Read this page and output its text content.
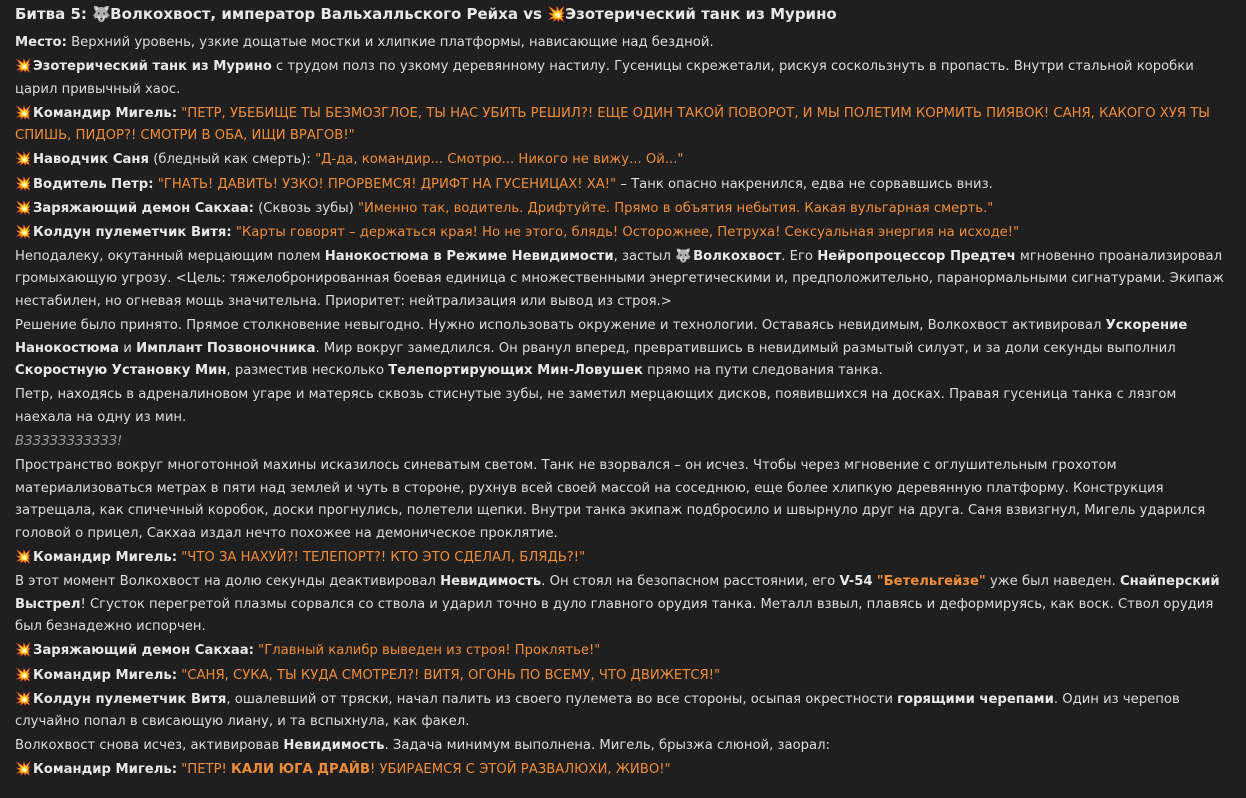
Битва 5: 🐺Волкохвост, император Вальхалльского Рейха vs 💥Эзотерический танк из Мурино

Место: Верхний уровень, узкие дощатые мостки и хлипкие платформы, нависающие над бездной.

💥 Эзотерический танк из Мурино с трудом полз по узкому деревянному настилу. Гусеницы скрежетали, рискуя соскользнуть в пропасть. Внутри стальной коробки царил привычный хаос.

💥 Командир Мигель: "ПЕТР, УБЕБИЩЕ ТЫ БЕЗМОЗГЛОЕ, ТЫ НАС УБИТЬ РЕШИЛ?! ЕЩЕ ОДИН ТАКОЙ ПОВОРОТ, И МЫ ПОЛЕТИМ КОРМИТЬ ПИЯВОК! САНЯ, КАКОГО ХУЯ ТЫ СПИШЬ, ПИДОР?! СМОТРИ В ОБА, ИЩИ ВРАГОВ!"

💥 Наводчик Саня (бледный как смерть): "Д-да, командир... Смотрю... Никого не вижу... Ой..."

💥 Водитель Петр: "ГНАТЬ! ДАВИТЬ! УЗКО! ПРОРВЕМСЯ! ДРИФТ НА ГУСЕНИЦАХ! ХА!" – Танк опасно накренился, едва не сорвавшись вниз.

💥 Заряжающий демон Сакхаа: (Сквозь зубы) "Именно так, водитель. Дрифтуйте. Прямо в объятия небытия. Какая вульгарная смерть."

💥 Колдун пулеметчик Витя: "Карты говорят – держаться края! Но не этого, блядь! Осторожнее, Петруха! Сексуальная энергия на исходе!"

Неподалеку, окутанный мерцающим полем Нанокостюма в Режиме Невидимости, застыл 🐺 Волкохвост. Его Нейропроцессор Предтеч мгновенно проанализировал громыхающую угрозу. <Цель: тяжелобронированная боевая единица с множественными энергетическими и, предположительно, паранормальными сигнатурами. Экипаж нестабилен, но огневая мощь значительна. Приоритет: нейтрализация или вывод из строя.>

Решение было принято. Прямое столкновение невыгодно. Нужно использовать окружение и технологии. Оставаясь невидимым, Волкохвост активировал Ускорение Нанокостюма и Имплант Позвоночника. Мир вокруг замедлился. Он рванул вперед, превратившись в невидимый размытый силуэт, и за доли секунды выполнил Скоростную Установку Мин, разместив несколько Телепортирующих Мин-Ловушек прямо на пути следования танка.

Петр, находясь в адреналиновом угаре и матерясь сквозь стиснутые зубы, не заметил мерцающих дисков, появившихся на досках. Правая гусеница танка с лязгом наехала на одну из мин.

ВЗЗЗЗЗЗЗЗЗЗЗ!

Пространство вокруг многотонной махины исказилось синеватым светом. Танк не взорвался – он исчез. Чтобы через мгновение с оглушительным грохотом материализоваться метрах в пяти над землей и чуть в стороне, рухнув всей своей массой на соседнюю, еще более хлипкую деревянную платформу. Конструкция затрещала, как спичечный коробок, доски прогнулись, полетели щепки. Внутри танка экипаж подбросило и швырнуло друг на друга. Саня взвизгнул, Мигель ударился головой о прицел, Сакхаа издал нечто похожее на демоническое проклятие.

💥 Командир Мигель: "ЧТО ЗА НАХУЙ?! ТЕЛЕПОРТ?! КТО ЭТО СДЕЛАЛ, БЛЯДЬ?!"

В этот момент Волкохвост на долю секунды деактивировал Невидимость. Он стоял на безопасном расстоянии, его V-54 "Бетельгейзе" уже был наведен. Снайперский Выстрел! Сгусток перегретой плазмы сорвался со ствола и ударил точно в дуло главного орудия танка. Металл взвыл, плавясь и деформируясь, как воск. Ствол орудия был безнадежно испорчен.

💥 Заряжающий демон Сакхаа: "Главный калибр выведен из строя! Проклятье!"

💥 Командир Мигель: "САНЯ, СУКА, ТЫ КУДА СМОТРЕЛ?! ВИТЯ, ОГОНЬ ПО ВСЕМУ, ЧТО ДВИЖЕТСЯ!"

💥 Колдун пулеметчик Витя, ошалевший от тряски, начал палить из своего пулемета во все стороны, осыпая окрестности горящими черепами. Один из черепов случайно попал в свисающую лиану, и та вспыхнула, как факел.

Волкохвост снова исчез, активировав Невидимость. Задача минимум выполнена. Мигель, брызжа слюной, заорал:

💥 Командир Мигель: "ПЕТР! КАЛИ ЮГА ДРАЙВ! УБИРАЕМСЯ С ЭТОЙ РАЗВАЛЮХИ, ЖИВО!"
